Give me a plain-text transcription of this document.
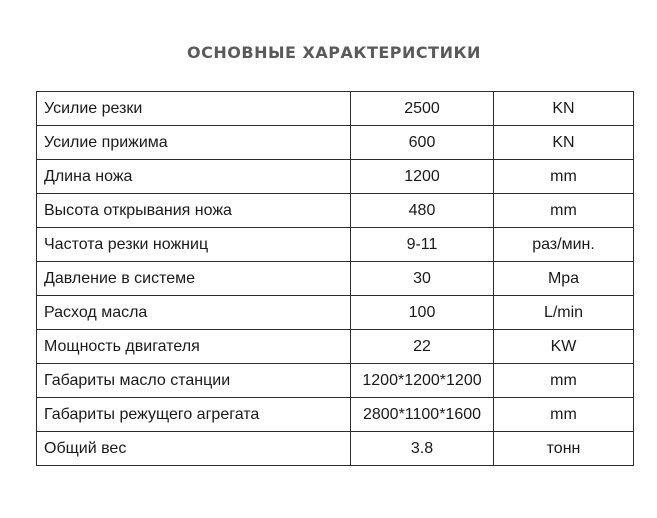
ОСНОВНЫЕ ХАРАКТЕРИСТИКИ
Усилие резки	2500	KN
Усилие прижима	600	KN
Длина ножа	1200	mm
Высота открывания ножа	480	mm
Частота резки ножниц	9-11	раз/мин.
Давление в системе	30	Mpa
Расход масла	100	L/min
Мощность двигателя	22	KW
Габариты масло станции	1200*1200*1200	mm
Габариты режущего агрегата	2800*1100*1600	mm
Общий вес	3.8	тонн
